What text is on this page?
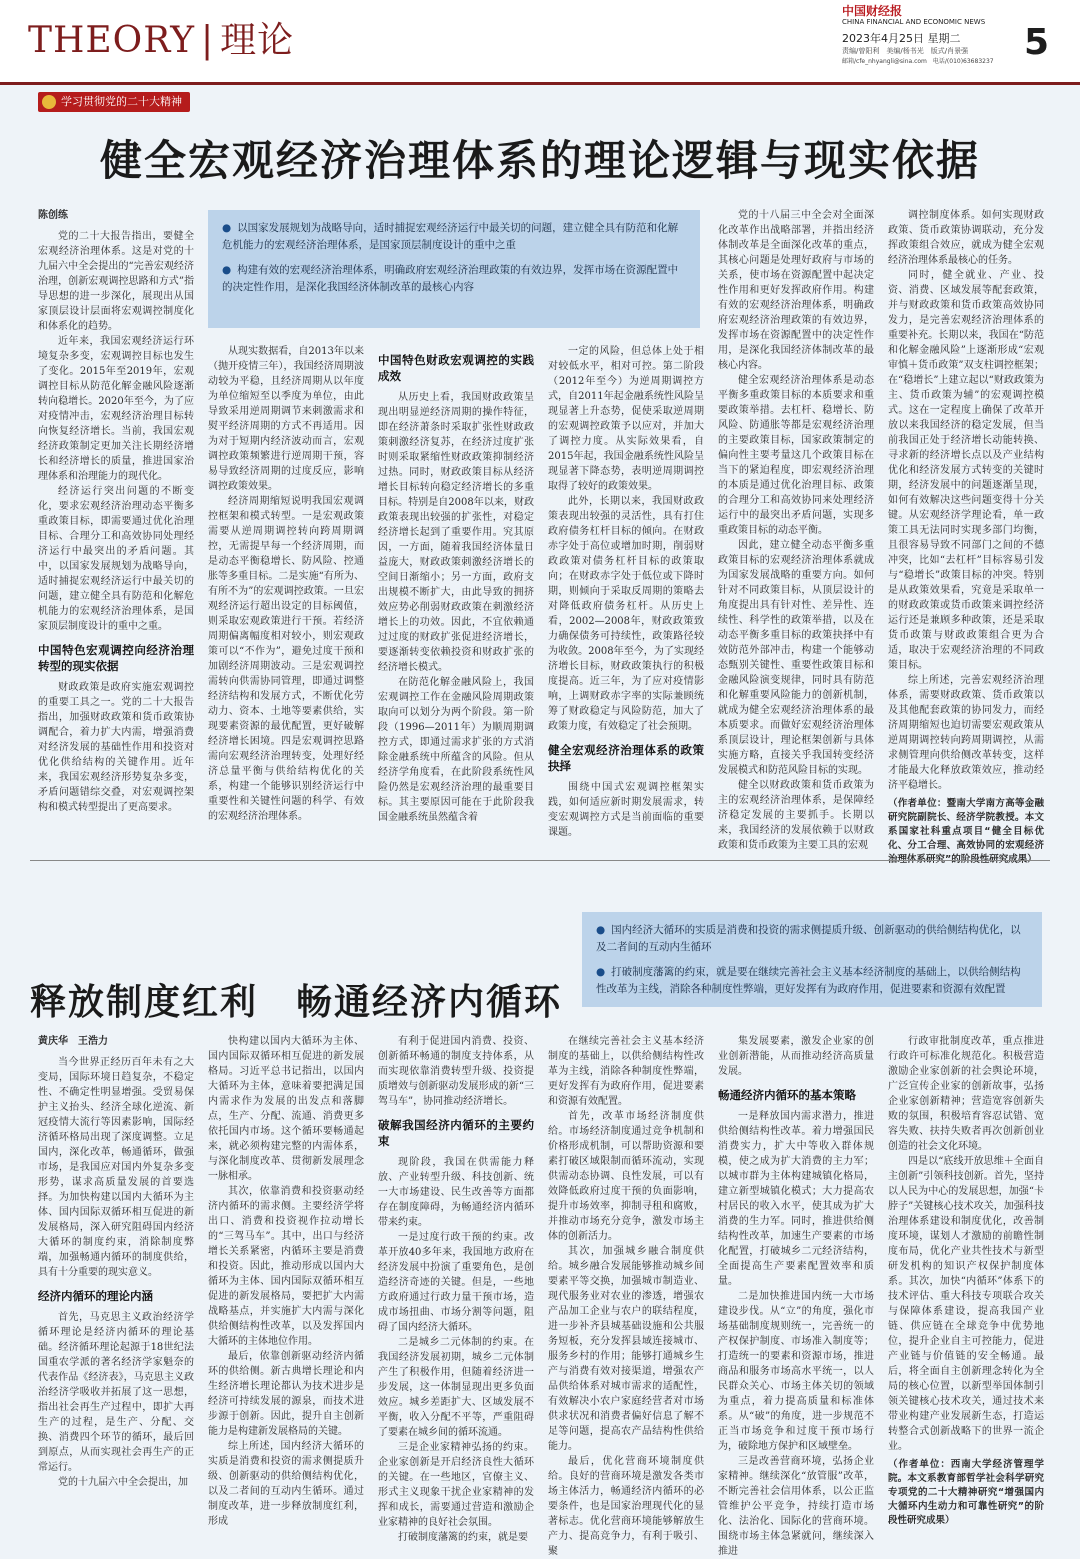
THEORY | 理论
中国财经报
CHINA FINANCIAL AND ECONOMIC NEWS
2023年4月25日 星期二
责编/曾阳利　美编/杨书光　版式/肖景强
邮箱/cfe_nhyangli@sina.com　电话/(010)63683237 5
学习贯彻党的二十大精神
健全宏观经济治理体系的理论逻辑与现实依据

● 以国家发展规划为战略导向，适时捕捉宏观经济运行中最关切的问题，建立健全具有防范和化解危机能力的宏观经济治理体系，是国家顶层制度设计的重中之重

● 构建有效的宏观经济治理体系，明确政府宏观经济治理政策的有效边界，发挥市场在资源配置中的决定性作用，是深化我国经济体制改革的最核心内容

陈创练

党的二十大报告指出，要健全宏观经济治理体系。这是对党的十九届六中全会提出的“完善宏观经济治理，创新宏观调控思路和方式”指导思想的进一步深化，展现出从国家顶层设计层面将宏观调控制度化和体系化的趋势。

近年来，我国宏观经济运行环境复杂多变，宏观调控目标也发生了变化。2015年至2019年，宏观调控目标从防范化解金融风险逐渐转向稳增长。2020年至今，为了应对疫情冲击，宏观经济治理目标转向恢复经济增长。当前，我国宏观经济政策制定更加关注长期经济增长和经济增长的质量，推进国家治理体系和治理能力的现代化。

经济运行突出问题的不断变化，要求宏观经济治理动态平衡多重政策目标，即需要通过优化治理目标、合理分工和高效协同处理经济运行中最突出的矛盾问题。其中，以国家发展规划为战略导向，适时捕捉宏观经济运行中最关切的问题，建立健全具有防范和化解危机能力的宏观经济治理体系，是国家顶层制度设计的重中之重。

中国特色宏观调控向经济治理转型的现实依据

财政政策是政府实施宏观调控的重要工具之一。党的二十大报告指出，加强财政政策和货币政策协调配合，着力扩大内需，增强消费对经济发展的基础性作用和投资对优化供给结构的关键作用。近年来，我国宏观经济形势复杂多变，矛盾问题错综交叠，对宏观调控架构和模式转型提出了更高要求。

从现实数据看，自2013年以来（抛开疫情三年），我国经济周期波动较为平稳，且经济周期从以年度为单位缩短至以季度为单位，由此导致采用逆周期调节来刺激需求和熨平经济周期的方式不再适用。因为对于短期内经济波动而言，宏观调控政策频繁进行逆周期干预，容易导致经济周期的过度反应，影响调控政策效果。

经济周期缩短说明我国宏观调控框架和模式转型。一是宏观政策需要从逆周期调控转向跨周期调控，无需提早每一个经济周期，而是动态平衡稳增长、防风险、控通胀等多重目标。二是实施“有所为、有所不为”的宏观调控政策。一旦宏观经济运行超出设定的目标阈值，则采取宏观政策进行干预。若经济周期偏离幅度相对较小，则宏观政策可以“不作为”，避免过度干预和加剧经济周期波动。三是宏观调控需转向供需协同管理，即通过调整经济结构和发展方式，不断优化劳动力、资本、土地等要素供给，实现要素资源的最优配置，更好破解经济增长困境。四是宏观调控思路需向宏观经济治理转变，处理好经济总量平衡与供给结构优化的关系，构建一个能够识别经济运行中重要性和关键性问题的科学、有效的宏观经济治理体系。

中国特色财政宏观调控的实践成效

从历史上看，我国财政政策呈现出明显逆经济周期的操作特征，即在经济萧条时采取扩张性财政政策刺激经济复苏，在经济过度扩张时则采取紧缩性财政政策抑制经济过热。同时，财政政策目标从经济增长目标转向稳定经济增长的多重目标。特别是自2008年以来，财政政策表现出较强的扩张性，对稳定经济增长起到了重要作用。究其原因，一方面，随着我国经济体量日益庞大，财政政策刺激经济增长的空间日渐缩小；另一方面，政府支出规模不断扩大，由此导致的拥挤效应势必削弱财政政策在刺激经济增长上的功效。因此，不宜依赖通过过度的财政扩张促进经济增长，要逐渐转变依赖投资和财政扩张的经济增长模式。

在防范化解金融风险上，我国宏观调控工作在金融风险周期政策取向可以划分为两个阶段。第一阶段（1996—2011年）为顺周期调控方式，即通过需求扩张的方式消除金融系统中所蕴含的风险。但从经济学角度看，在此阶段系统性风险仍然是宏观经济治理的最重要目标。其主要原因可能在于此阶段我国金融系统虽然蕴含着

一定的风险，但总体上处于相对较低水平，相对可控。第二阶段（2012年至今）为逆周期调控方式，自2011年起金融系统性风险呈现显著上升态势，促使采取逆周期的宏观调控政策予以应对，并加大了调控力度。从实际效果看，自2015年起，我国金融系统性风险呈现显著下降态势，表明逆周期调控取得了较好的政策效果。

此外，长期以来，我国财政政策表现出较强的灵活性，具有打住政府债务杠杆目标的倾向。在财政赤字处于高位或增加时期，削弱财政政策对债务杠杆目标的政策取向；在财政赤字处于低位或下降时期，则倾向于采取反周期的策略去对降低政府债务杠杆。从历史上看，2002—2008年，财政政策致力确保债务可持续性，政策路径较为收敛。2008年至今，为了实现经济增长目标，财政政策执行的积极度提高。近三年，为了应对疫情影响，上调财政赤字率的实际兼顾统筹了财政稳定与风险防范，加大了政策力度，有效稳定了社会预期。

健全宏观经济治理体系的政策抉择

围绕中国式宏观调控框架实践，如何适应新时期发展需求，转变宏观调控方式是当前面临的重要课题。

党的十八届三中全会对全面深化改革作出战略部署，并指出经济体制改革是全面深化改革的重点，其核心问题是处理好政府与市场的关系，使市场在资源配置中起决定性作用和更好发挥政府作用。构建有效的宏观经济治理体系，明确政府宏观经济治理政策的有效边界，发挥市场在资源配置中的决定性作用，是深化我国经济体制改革的最核心内容。

健全宏观经济治理体系是动态平衡多重政策目标的本质要求和重要政策举措。去杠杆、稳增长、防风险、防通胀等都是宏观经济治理的主要政策目标，国家政策制定的偏向性主要考量这几个政策目标在当下的紧迫程度，即宏观经济治理的本质是通过优化治理目标、政策的合理分工和高效协同来处理经济运行中的最突出矛盾问题，实现多重政策目标的动态平衡。

因此，建立健全动态平衡多重政策目标的宏观经济治理体系就成为国家发展战略的重要方向。如何针对不同政策目标，从顶层设计的角度提出具有针对性、差异性、连续性、科学性的政策举措，以及在动态平衡多重目标的政策抉择中有效防范外部冲击，构建一个能够动态甄别关键性、重要性政策目标和金融风险演变规律，同时具有防范和化解重要风险能力的创新机制，就成为健全宏观经济治理体系的最本质要求。而做好宏观经济治理体系顶层设计，理论框架创新与具体实施方略，直接关乎我国转变经济发展模式和防范风险目标的实现。

健全以财政政策和货币政策为主的宏观经济治理体系，是保障经济稳定发展的主要抓手。长期以来，我国经济的发展依赖于以财政政策和货币政策为主要工具的宏观

调控制度体系。如何实现财政政策、货币政策协调联动，充分发挥政策组合效应，就成为健全宏观经济治理体系最核心的任务。

同时，健全就业、产业、投资、消费、区域发展等配套政策，并与财政政策和货币政策高效协同发力，是完善宏观经济治理体系的重要补充。长期以来，我国在“防范和化解金融风险”上逐渐形成“宏观审慎＋货币政策”双支柱调控框架；在“稳增长”上建立起以“财政政策为主、货币政策为辅”的宏观调控模式。这在一定程度上确保了改革开放以来我国经济的稳定发展，但当前我国正处于经济增长动能转换、寻求新的经济增长点以及产业结构优化和经济发展方式转变的关键时期，经济发展中的问题逐渐呈现，如何有效解决这些问题变得十分关键。从宏观经济学理论看，单一政策工具无法同时实现多部门均衡，且很容易导致不同部门之间的不德冲突，比如“去杠杆”目标容易引发与“稳增长”政策目标的冲突。特别是从政策效果看，究竟是采取单一的财政政策或货币政策来调控经济运行还是兼顾多种政策，还是采取货币政策与财政政策组合更为合适，取决于宏观经济治理的不同政策目标。

综上所述，完善宏观经济治理体系，需要财政政策、货币政策以及其他配套政策的协同发力，而经济周期缩短也迫切需要宏观政策从逆周期调控转向跨周期调控，从需求侧管理向供给侧改革转变，这样才能最大化释放政策效应，推动经济平稳增长。

（作者单位：暨南大学南方高等金融研究院副院长、经济学院教授。本文系国家社科重点项目“健全目标优化、分工合理、高效协同的宏观经济

● 国内经济大循环的实质是消费和投资的需求侧提质升级、创新驱动的供给侧结构优化，以及二者间的互动内生循环

● 打破制度藩篱的约束，就是要在继续完善社会主义基本经济制度的基础上，以供给侧结构性改革为主线，消除各种制度性弊端，更好发挥有为政府作用，促进要素和资源有效配置

释放制度红利　畅通经济内循环

黄庆华　王浩力

当今世界正经历百年未有之大变局，国际环境日趋复杂，不稳定性、不确定性明显增强。受贸易保护主义抬头、经济全球化逆流、新冠疫情大流行等因素影响，国际经济循环格局出现了深度调整。立足国内，深化改革，畅通循环，做强市场，是我国应对国内外复杂多变形势，谋求高质量发展的首要选择。为加快构建以国内大循环为主体、国内国际双循环相互促进的新发展格局，深入研究阻碍国内经济大循环的制度约束，消除制度弊端，加强畅通内循环的制度供给，具有十分重要的现实意义。

经济内循环的理论内涵

首先，马克思主义政治经济学循环理论是经济内循环的理论基础。经济循环理论起源于18世纪法国重农学派的著名经济学家魁奈的代表作品《经济表》，马克思主义政治经济学吸收并拓展了这一思想，指出社会再生产过程中，即扩大再生产的过程，是生产、分配、交换、消费四个环节的循环，最后回到原点，从而实现社会再生产的正常运行。

党的十九届六中全会提出，加

快构建以国内大循环为主体、国内国际双循环相互促进的新发展格局。习近平总书记指出，以国内大循环为主体，意味着要把满足国内需求作为发展的出发点和落脚点，生产、分配、流通、消费更多依托国内市场。这个循环要畅通起来，就必须构建完整的内需体系，与深化制度改革、贯彻新发展理念一脉相承。

其次，依靠消费和投资驱动经济内循环的需求侧。主要经济学将出口、消费和投资视作拉动增长的“三驾马车”。其中，出口与经济增长关系紧密，内循环主要是消费和投资。因此，推动形成以国内大循环为主体、国内国际双循环相互促进的新发展格局，要把扩大内需战略基点，并实施扩大内需与深化供给侧结构性改革，以及发挥国内大循环的主体地位作用。

最后，依靠创新驱动经济内循环的供给侧。新古典增长理论和内生经济增长理论都认为技术进步是经济可持续发展的源泉，而技术进步源于创新。因此，提升自主创新能力是构建新发展格局的关键。

综上所述，国内经济大循环的实质是消费和投资的需求侧提质升级、创新驱动的供给侧结构优化，以及二者间的互动内生循环。通过制度改革，进一步释放制度红利，形成

有利于促进国内消费、投资、创新循环畅通的制度支持体系，从而实现依靠消费转型升级、投资提质增效与创新驱动发展形成的新“三驾马车”，协同推动经济增长。

破解我国经济内循环的主要约束

现阶段，我国在供需能力释放、产业转型升级、科技创新、统一大市场建设、民生改善等方面都存在制度障碍，为畅通经济内循环带来约束。

一是过度行政干预的约束。改革开放40多年来，我国地方政府在经济发展中扮演了重要角色，是创造经济奇迹的关键。但是，一些地方政府通过行政力量干预市场，造成市场扭曲、市场分割等问题，阻碍了国内经济大循环。

二是城乡二元体制的约束。在我国经济发展初期，城乡二元体制产生了积极作用，但随着经济进一步发展，这一体制显现出更多负面效应。城乡差距扩大、区域发展不平衡，收入分配不平等，严重阻碍了要素在城乡间的循环流通。

三是企业家精神弘扬的约束。企业家创新是开启经济良性大循环的关键。在一些地区，官僚主义、形式主义现象干扰企业家精神的发挥和成长，需要通过营造和激励企业家精神的良好社会氛围。

打破制度藩篱的约束，就是要

在继续完善社会主义基本经济制度的基础上，以供给侧结构性改革为主线，消除各种制度性弊端，更好发挥有为政府作用，促进要素和资源有效配置。

首先，改革市场经济制度供给。市场经济制度通过竞争机制和价格形成机制，可以帮助资源和要素打破区域限制而循环流动，实现供需动态协调、良性发展，可以有效降低政府过度干预的负面影响，提升市场效率，抑制寻租和腐败，并推动市场充分竞争，激发市场主体的创新活力。

其次，加强城乡融合制度供给。城乡融合发展能够推动城乡间要素平等交换，加强城市制造业、现代服务业对农业的渗透，增强农产品加工企业与农户的联结程度，进一步补齐县城基础设施和公共服务短板，充分发挥县域连接城市、服务乡村的作用；能够打通城乡生产与消费有效对接渠道，增强农产品供给体系对城市需求的适配性，有效解决小农户家庭经营者对市场供求状况和消费者偏好信息了解不足等问题，提高农产品结构性供给能力。

最后，优化营商环境制度供给。良好的营商环境是激发各类市场主体活力，畅通经济内循环的必要条件，也是国家治理现代化的显著标志。优化营商环境能够解放生产力、提高竞争力，有利于吸引、聚

集发展要素，激发企业家的创业创新潜能，从而推动经济高质量发展。

畅通经济内循环的基本策略

一是释放国内需求潜力，推进供给侧结构性改革。着力增强国民消费实力，扩大中等收入群体规模，使之成为扩大消费的主力军；以城市群为主体构建城镇化格局，建立新型城镇化模式；大力提高农村居民的收入水平，使其成为扩大消费的生力军。同时，推进供给侧结构性改革，加速生产要素的市场化配置，打破城乡二元经济结构，全面提高生产要素配置效率和质量。

二是加快推进国内统一大市场建设步伐。从“立”的角度，强化市场基础制度规则统一，完善统一的产权保护制度、市场准入制度等；打造统一的要素和资源市场，推进商品和服务市场高水平统一，以人民群众关心、市场主体关切的领域为重点，着力提高质量和标准体系。从“破”的角度，进一步规范不正当市场竞争和过度干预市场行为，破除地方保护和区域壁垒。

三是改善营商环境，弘扬企业家精神。继续深化“放管服”改革，不断完善社会信用体系，以公正监管维护公平竞争，持续打造市场化、法治化、国际化的营商环境。围绕市场主体急紧就问，继续深入推进

行政审批制度改革，重点推进行政许可标准化规范化。积极营造激励企业家创新的社会舆论环境，广泛宣传企业家的创新故事，弘扬企业家创新精神；营造宽容创新失败的氛围，积极培育容忍试错、宽容失败、扶持失败者再次创新创业创造的社会文化环境。

四是以“底线开放思维＋全面自主创新”引领科技创新。首先，坚持以人民为中心的发展思想，加强“卡脖子”关键核心技术攻关，加强科技治理体系建设和制度优化，改善制度环境，谋划人才激励的前瞻性制度布局，优化产业共性技术与新型研发机构的知识产权保护制度体系。其次，加快“内循环”体系下的技术评估、重大科技专项联合攻关与保障体系建设，提高我国产业链、供应链在全球竞争中优势地位，提升企业自主可控能力，促进产业链与价值链的安全畅通。最后，将全面自主创新理念转化为全局的核心位置，以新型举国体制引领关键核心技术攻关，通过技术来带业构建产业发展新生态，打造运转整合式创新战略下的世界一流企业。

（作者单位：西南大学经济管理学院。本文系教育部哲学社会科学研究专项党的二十大精神研究“增强国内大循环内生动力和可靠性研究”的阶段性研究成果）
